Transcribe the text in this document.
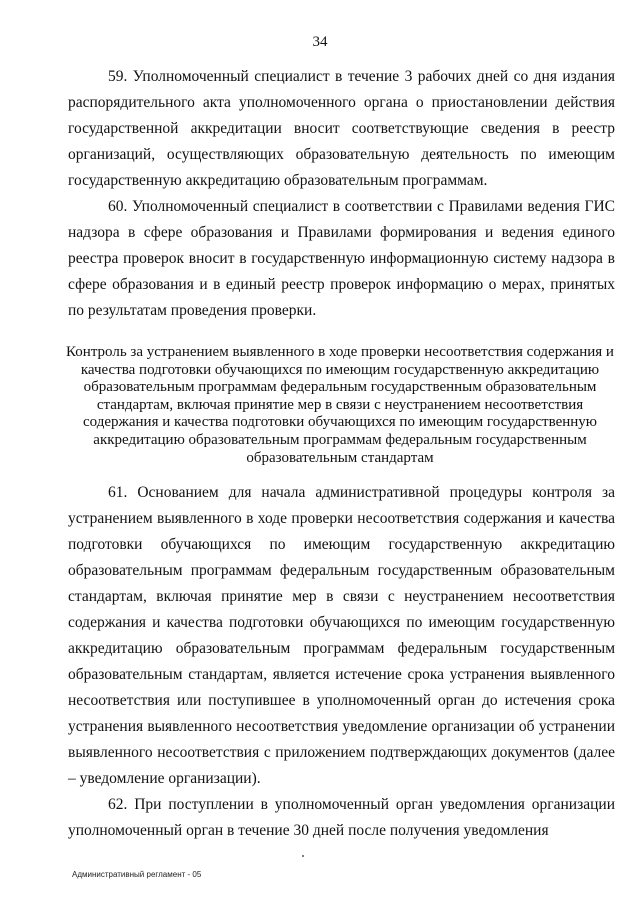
34

59. Уполномоченный специалист в течение 3 рабочих дней со дня издания распорядительного акта уполномоченного органа о приостановлении действия государственной аккредитации вносит соответствующие сведения в реестр организаций, осуществляющих образовательную деятельность по имеющим государственную аккредитацию образовательным программам.

60. Уполномоченный специалист в соответствии с Правилами ведения ГИС надзора в сфере образования и Правилами формирования и ведения единого реестра проверок вносит в государственную информационную систему надзора в сфере образования и в единый реестр проверок информацию о мерах, принятых по результатам проведения проверки.

Контроль за устранением выявленного в ходе проверки несоответствия содержания и качества подготовки обучающихся по имеющим государственную аккредитацию образовательным программам федеральным государственным образовательным стандартам, включая принятие мер в связи с неустранением несоответствия содержания и качества подготовки обучающихся по имеющим государственную аккредитацию образовательным программам федеральным государственным образовательным стандартам

61. Основанием для начала административной процедуры контроля за устранением выявленного в ходе проверки несоответствия содержания и качества подготовки обучающихся по имеющим государственную аккредитацию образовательным программам федеральным государственным образовательным стандартам, включая принятие мер в связи с неустранением несоответствия содержания и качества подготовки обучающихся по имеющим государственную аккредитацию образовательным программам федеральным государственным образовательным стандартам, является истечение срока устранения выявленного несоответствия или поступившее в уполномоченный орган до истечения срока устранения выявленного несоответствия уведомление организации об устранении выявленного несоответствия с приложением подтверждающих документов (далее – уведомление организации).

62. При поступлении в уполномоченный орган уведомления организации уполномоченный орган в течение 30 дней после получения уведомления

Административный регламент - 05
